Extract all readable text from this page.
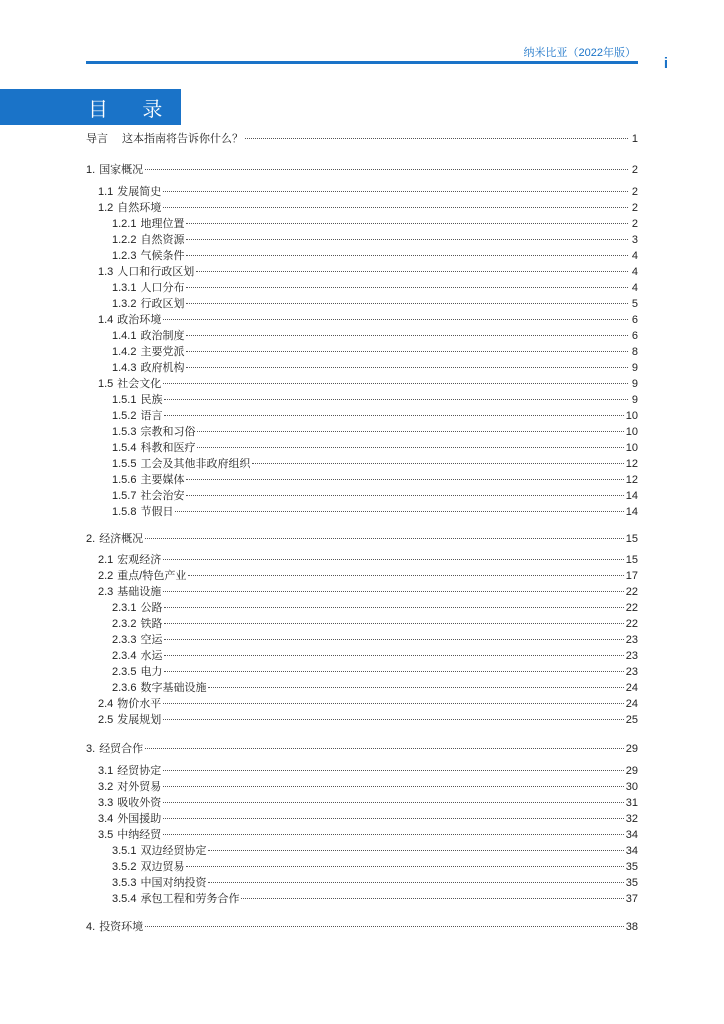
纳米比亚（2022年版）
i
目 录
导言 这本指南将告诉你什么？	1
1. 国家概况	2
1.1 发展简史	2
1.2 自然环境	2
1.2.1 地理位置	2
1.2.2 自然资源	3
1.2.3 气候条件	4
1.3 人口和行政区划	4
1.3.1 人口分布	4
1.3.2 行政区划	5
1.4 政治环境	6
1.4.1 政治制度	6
1.4.2 主要党派	8
1.4.3 政府机构	9
1.5 社会文化	9
1.5.1 民族	9
1.5.2 语言	10
1.5.3 宗教和习俗	10
1.5.4 科教和医疗	10
1.5.5 工会及其他非政府组织	12
1.5.6 主要媒体	12
1.5.7 社会治安	14
1.5.8 节假日	14
2. 经济概况	15
2.1 宏观经济	15
2.2 重点/特色产业	17
2.3 基础设施	22
2.3.1 公路	22
2.3.2 铁路	22
2.3.3 空运	23
2.3.4 水运	23
2.3.5 电力	23
2.3.6 数字基础设施	24
2.4 物价水平	24
2.5 发展规划	25
3. 经贸合作	29
3.1 经贸协定	29
3.2 对外贸易	30
3.3 吸收外资	31
3.4 外国援助	32
3.5 中纳经贸	34
3.5.1 双边经贸协定	34
3.5.2 双边贸易	35
3.5.3 中国对纳投资	35
3.5.4 承包工程和劳务合作	37
4. 投资环境	38
